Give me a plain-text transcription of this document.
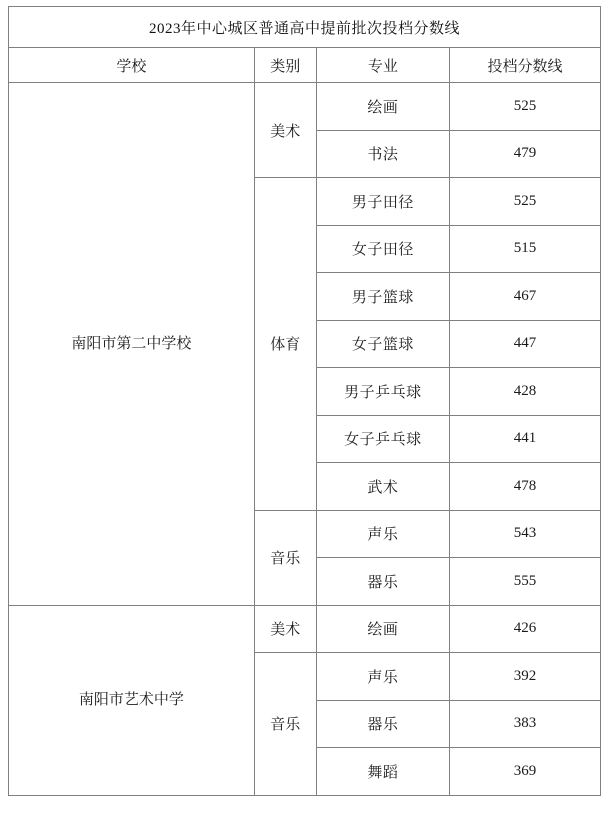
2023年中心城区普通高中提前批次投档分数线			
学校	类别	专业	投档分数线
南阳市第二中学校	美术	绘画	525
		书法	479
	体育	男子田径	525
		女子田径	515
		男子篮球	467
		女子篮球	447
		男子乒乓球	428
		女子乒乓球	441
		武术	478
	音乐	声乐	543
		器乐	555
南阳市艺术中学	美术	绘画	426
	音乐	声乐	392
		器乐	383
		舞蹈	369
